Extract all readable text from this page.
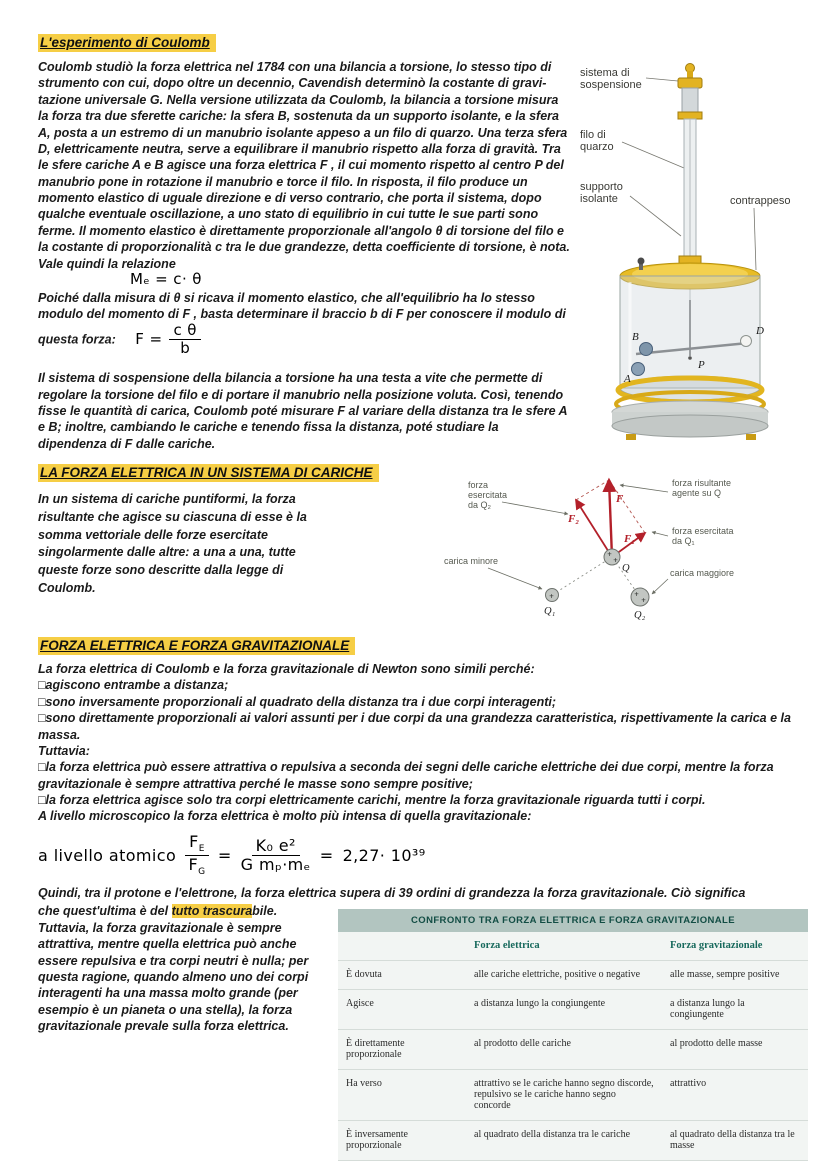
L'esperimento di Coulomb

Coulomb studiò la forza elettrica nel 1784 con una bilancia a torsione, lo stesso tipo di strumento con cui, dopo oltre un decennio, Cavendish determinò la costante di gravi- tazione universale G. Nella versione utilizzata da Coulomb, la bilancia a torsione misura la forza tra due sferette cariche: la sfera B, sostenuta da un supporto isolante, e la sfera A, posta a un estremo di un manubrio isolante appeso a un filo di quarzo. Una terza sfera D, elettricamente neutra, serve a equilibrare il manubrio rispetto alla forza di gravità. Tra le sfere cariche A e B agisce una forza elettrica F , il cui momento rispetto al centro P del manubrio pone in rotazione il manubrio e torce il filo. In risposta, il filo produce un momento elastico di uguale direzione e di verso contrario, che porta il sistema, dopo qualche eventuale oscillazione, a uno stato di equilibrio in cui tutte le sue parti sono ferme. Il momento elastico è direttamente proporzionale all'angolo θ di torsione del filo e la costante di proporzionalità c tra le due grandezze, detta coefficiente di torsione, è nota. Vale quindi la relazione

Mₑ = c· θ

Poiché dalla misura di θ si ricava il momento elastico, che all'equilibrio ha lo stesso modulo del momento di F , basta determinare il braccio b di F per conoscere il modulo di questa forza: $F = \frac{\text{c θ}}{b}$

Il sistema di sospensione della bilancia a torsione ha una testa a vite che permette di regolare la torsione del filo e di portare il manubrio nella posizione voluta. Così, tenendo fisse le quantità di carica, Coulomb poté misurare F al variare della distanza tra le sfere A e B; inoltre, cambiando le cariche e tenendo fissa la distanza, poté studiare la dipendenza di F dalle cariche.

sistema di sospensione
filo di quarzo
supporto isolante	contrappeso
B
A
P
D
LA FORZA ELETTRICA IN UN SISTEMA DI CARICHE

In un sistema di cariche puntiformi, la forza risultante che agisce su ciascuna di esse è la somma vettoriale delle forze esercitate singolarmente dalle altre: a una a una, tutte queste forze sono descritte dalla legge di Coulomb.

+
+
+	+
+
forza esercitata da Q₂
forza risultante agente su Q
forza esercitata da Q₁
carica minore
carica maggiore
F₂
F
F₁
Q
Q₁	Q₂
FORZA ELETTRICA E FORZA GRAVITAZIONALE

La forza elettrica di Coulomb e la forza gravitazionale di Newton sono simili perché:

□agiscono entrambe a distanza;
□sono inversamente proporzionali al quadrato della distanza tra i due corpi interagenti;
□sono direttamente proporzionali ai valori assunti per i due corpi da una grandezza caratteristica, rispettivamente la carica e la massa.

Tuttavia:

□la forza elettrica può essere attrattiva o repulsiva a seconda dei segni delle cariche elettriche dei due corpi, mentre la forza gravitazionale è sempre attrattiva perché le masse sono sempre positive;
□la forza elettrica agisce solo tra corpi elettricamente carichi, mentre la forza gravitazionale riguarda tutti i corpi.

A livello microscopico la forza elettrica è molto più intensa di quella gravitazionale:

a livello atomico $\frac{F_E}{F_G} = \frac{\text{K₀ e²}}{\text{G mₚ·mₑ}} = 2,27\cdot 10^{39}$

Quindi, tra il protone e l'elettrone, la forza elettrica supera di 39 ordini di grandezza la forza gravitazionale. Ciò significa

che quest'ultima è del tutto trascurabile. Tuttavia, la forza gravitazionale è sempre attrattiva, mentre quella elettrica può anche essere repulsiva e tra corpi neutri è nulla; per questa ragione, quando almeno uno dei corpi interagenti ha una massa molto grande (per esempio è un pianeta o una stella), la forza gravitazionale prevale sulla forza elettrica.
CONFRONTO TRA FORZA ELETTRICA E FORZA GRAVITAZIONALE
	Forza elettrica	Forza gravitazionale
È dovuta	alle cariche elettriche, positive o negative	alle masse, sempre positive
Agisce	a distanza lungo la congiungente	a distanza lungo la congiungente
È direttamente proporzionale	al prodotto delle cariche	al prodotto delle masse
Ha verso	attrattivo se le cariche hanno segno discorde, repulsivo se le cariche hanno segno concorde	attrattivo
È inversamente proporzionale	al quadrato della distanza tra le cariche	al quadrato della distanza tra le masse
